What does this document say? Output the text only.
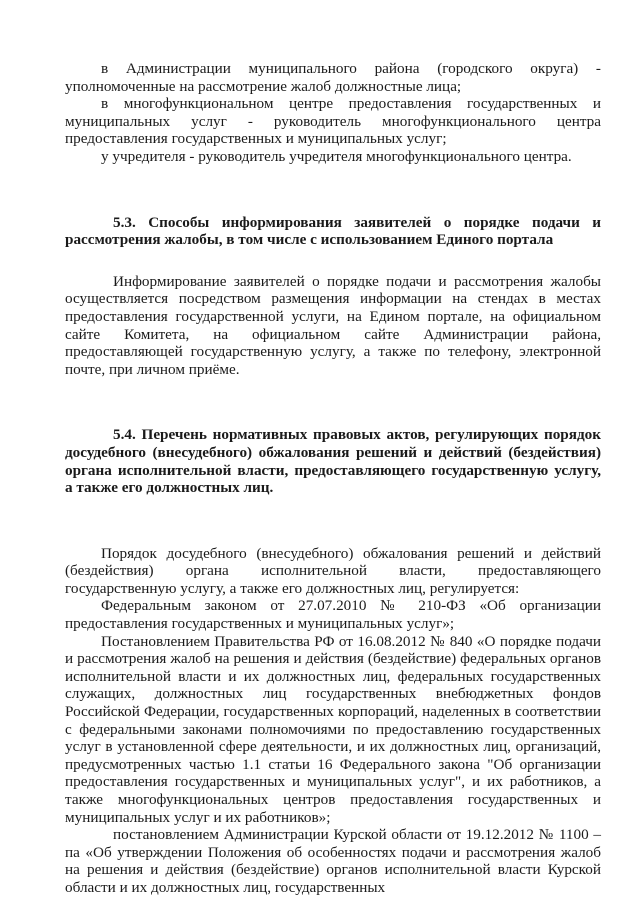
в Администрации муниципального района (городского округа) - уполномоченные на рассмотрение жалоб должностные лица;

в многофункциональном центре предоставления государственных и муниципальных услуг - руководитель многофункционального центра предоставления государственных и муниципальных услуг;

у учредителя - руководитель учредителя многофункционального центра.

5.3. Способы информирования заявителей о порядке подачи и рассмотрения жалобы, в том числе с использованием Единого портала

Информирование заявителей о порядке подачи и рассмотрения жалобы осуществляется посредством размещения информации на стендах в местах предоставления государственной услуги, на Едином портале, на официальном сайте Комитета, на официальном сайте Администрации района, предоставляющей государственную услугу, а также по телефону, электронной почте, при личном приёме.

5.4. Перечень нормативных правовых актов, регулирующих порядок досудебного (внесудебного) обжалования решений и действий (бездействия) органа исполнительной власти, предоставляющего государственную услугу, а также его должностных лиц.

Порядок досудебного (внесудебного) обжалования решений и действий (бездействия) органа исполнительной власти, предоставляющего государственную услугу, а также его должностных лиц, регулируется:

Федеральным законом от 27.07.2010 № 210-ФЗ «Об организации предоставления государственных и муниципальных услуг»;

Постановлением Правительства РФ от 16.08.2012 № 840 «О порядке подачи и рассмотрения жалоб на решения и действия (бездействие) федеральных органов исполнительной власти и их должностных лиц, федеральных государственных служащих, должностных лиц государственных внебюджетных фондов Российской Федерации, государственных корпораций, наделенных в соответствии с федеральными законами полномочиями по предоставлению государственных услуг в установленной сфере деятельности, и их должностных лиц, организаций, предусмотренных частью 1.1 статьи 16 Федерального закона "Об организации предоставления государственных и муниципальных услуг", и их работников, а также многофункциональных центров предоставления государственных и муниципальных услуг и их работников»;

постановлением Администрации Курской области от 19.12.2012 № 1100 – па «Об утверждении Положения об особенностях подачи и рассмотрения жалоб на решения и действия (бездействие) органов исполнительной власти Курской области и их должностных лиц, государственных
